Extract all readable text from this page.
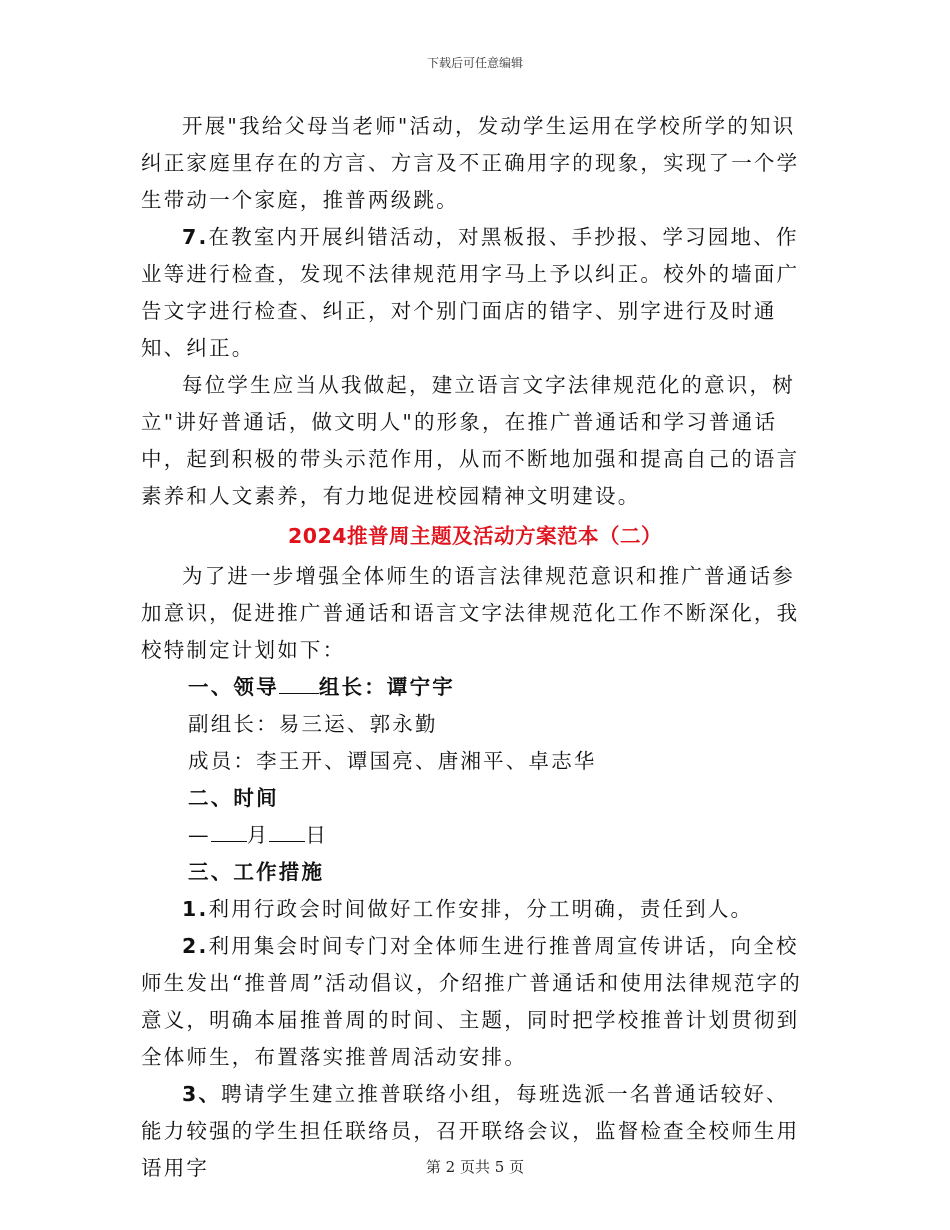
下载后可任意编辑

开展"我给父母当老师"活动，发动学生运用在学校所学的知识纠正家庭里存在的方言、方言及不正确用字的现象，实现了一个学生带动一个家庭，推普两级跳。

7.在教室内开展纠错活动，对黑板报、手抄报、学习园地、作业等进行检查，发现不法律规范用字马上予以纠正。校外的墙面广告文字进行检查、纠正，对个别门面店的错字、别字进行及时通知、纠正。

每位学生应当从我做起，建立语言文字法律规范化的意识，树立"讲好普通话，做文明人"的形象，在推广普通话和学习普通话中，起到积极的带头示范作用，从而不断地加强和提高自己的语言素养和人文素养，有力地促进校园精神文明建设。

2024推普周主题及活动方案范本（二）

为了进一步增强全体师生的语言法律规范意识和推广普通话参加意识，促进推广普通话和语言文字法律规范化工作不断深化，我校特制定计划如下：

一、领导 组长：谭宁宇

副组长：易三运、郭永勤

成员：李王开、谭国亮、唐湘平、卓志华

二、时间

— 月 日

三、工作措施

1.利用行政会时间做好工作安排，分工明确，责任到人。

2.利用集会时间专门对全体师生进行推普周宣传讲话，向全校师生发出“推普周”活动倡议，介绍推广普通话和使用法律规范字的意义，明确本届推普周的时间、主题，同时把学校推普计划贯彻到全体师生，布置落实推普周活动安排。

3、聘请学生建立推普联络小组，每班选派一名普通话较好、能力较强的学生担任联络员，召开联络会议，监督检查全校师生用语用字	第 2 页共 5 页
